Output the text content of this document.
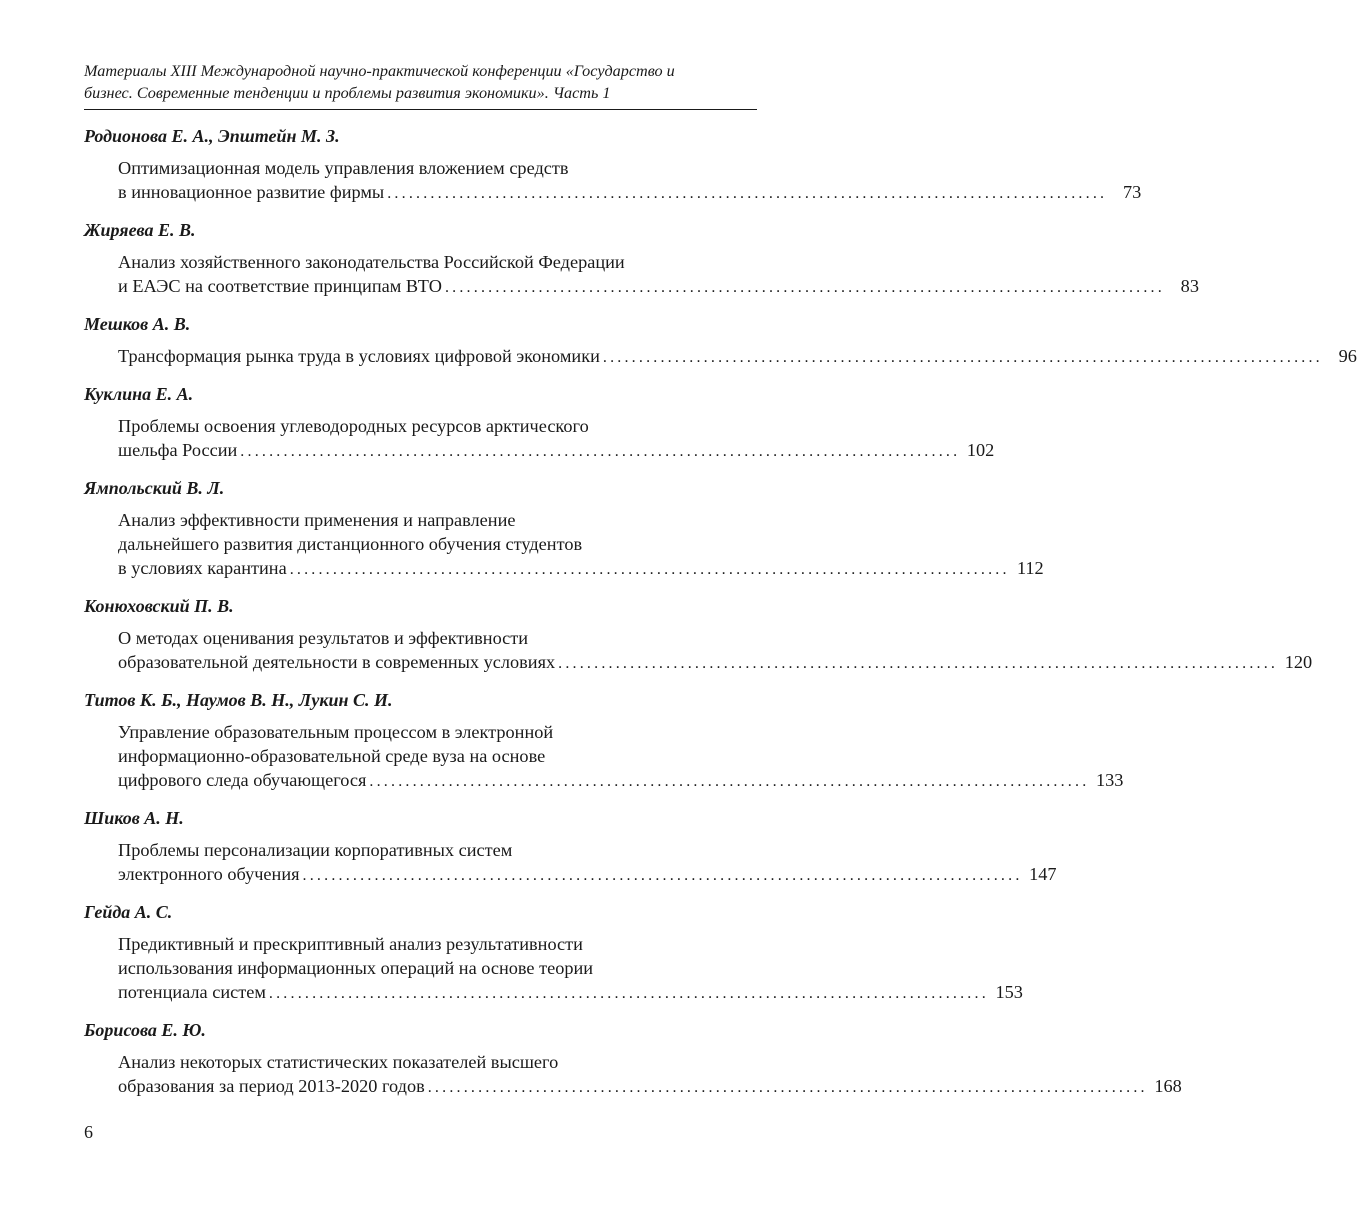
Материалы XIII Международной научно-практической конференции «Государство и
бизнес. Современные тенденции и проблемы развития экономики». Часть 1
Родионова Е. А., Эпштейн М. З.
Оптимизационная модель управления вложением средств
в инновационное развитие фирмы .................................................................................................... 73
Жиряева Е. В.
Анализ хозяйственного законодательства Российской Федерации
и ЕАЭС на соответствие принципам ВТО .................................................................................................... 83
Мешков А. В.
Трансформация рынка труда в условиях цифровой экономики .................................................................................................... 96
Куклина Е. А.
Проблемы освоения углеводородных ресурсов арктического
шельфа России .................................................................................................... 102
Ямпольский В. Л.
Анализ эффективности применения и направление
дальнейшего развития дистанционного обучения студентов
в условиях карантина .................................................................................................... 112
Конюховский П. В.
О методах оценивания результатов и эффективности
образовательной деятельности в современных условиях .................................................................................................... 120
Титов К. Б., Наумов В. Н., Лукин С. И.
Управление образовательным процессом в электронной
информационно-образовательной среде вуза на основе
цифрового следа обучающегося .................................................................................................... 133
Шиков А. Н.
Проблемы персонализации корпоративных систем
электронного обучения .................................................................................................... 147
Гейда А. С.
Предиктивный и прескриптивный анализ результативности
использования информационных операций на основе теории
потенциала систем .................................................................................................... 153
Борисова Е. Ю.
Анализ некоторых статистических показателей высшего
образования за период 2013-2020 годов .................................................................................................... 168
6
